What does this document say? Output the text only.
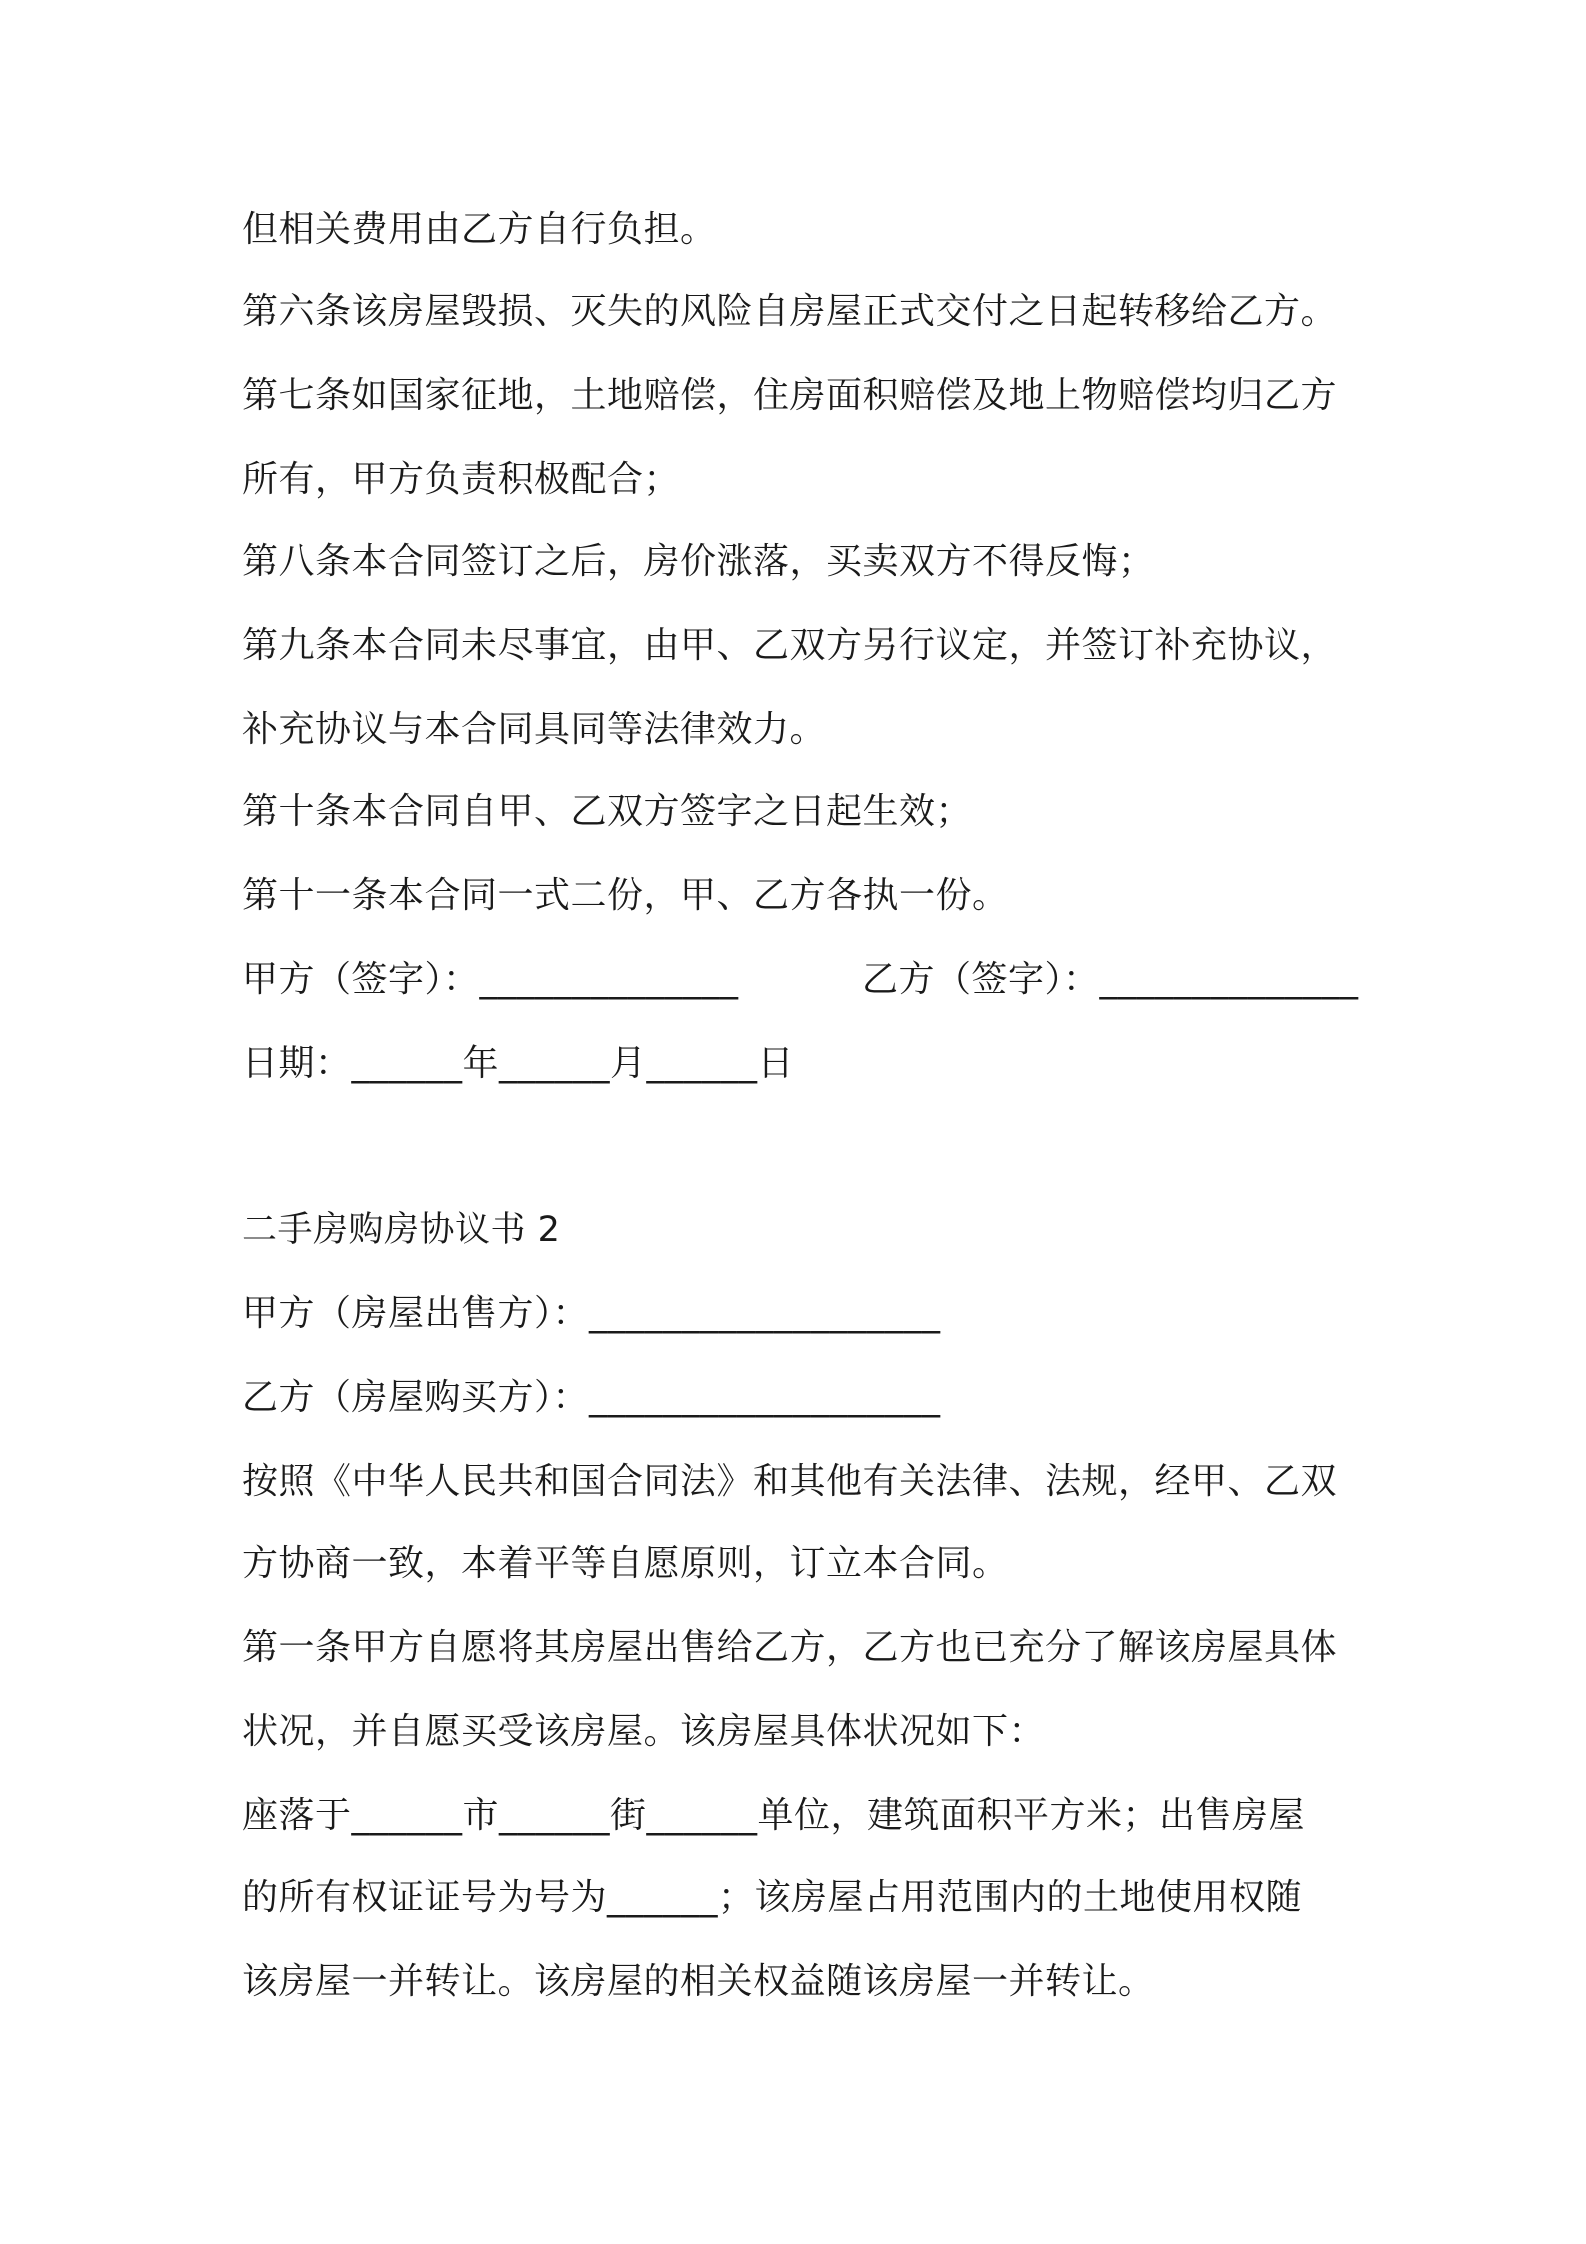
但相关费用由乙方自行负担。
第六条该房屋毁损、灭失的风险自房屋正式交付之日起转移给乙方。
第七条如国家征地，土地赔偿，住房面积赔偿及地上物赔偿均归乙方
所有，甲方负责积极配合；
第八条本合同签订之后，房价涨落，买卖双方不得反悔；
第九条本合同未尽事宜，由甲、乙双方另行议定，并签订补充协议，
补充协议与本合同具同等法律效力。
第十条本合同自甲、乙双方签字之日起生效；
第十一条本合同一式二份，甲、乙方各执一份。
甲方（签字）：______________	乙方（签字）：______________
日期：______年______月______日
二手房购房协议书 2
甲方（房屋出售方）：___________________
乙方（房屋购买方）：___________________
按照《中华人民共和国合同法》和其他有关法律、法规，经甲、乙双
方协商一致，本着平等自愿原则，订立本合同。
第一条甲方自愿将其房屋出售给乙方，乙方也已充分了解该房屋具体
状况，并自愿买受该房屋。该房屋具体状况如下：
座落于______市______街______单位，建筑面积平方米；出售房屋
的所有权证证号为号为______；该房屋占用范围内的土地使用权随
该房屋一并转让。该房屋的相关权益随该房屋一并转让。
